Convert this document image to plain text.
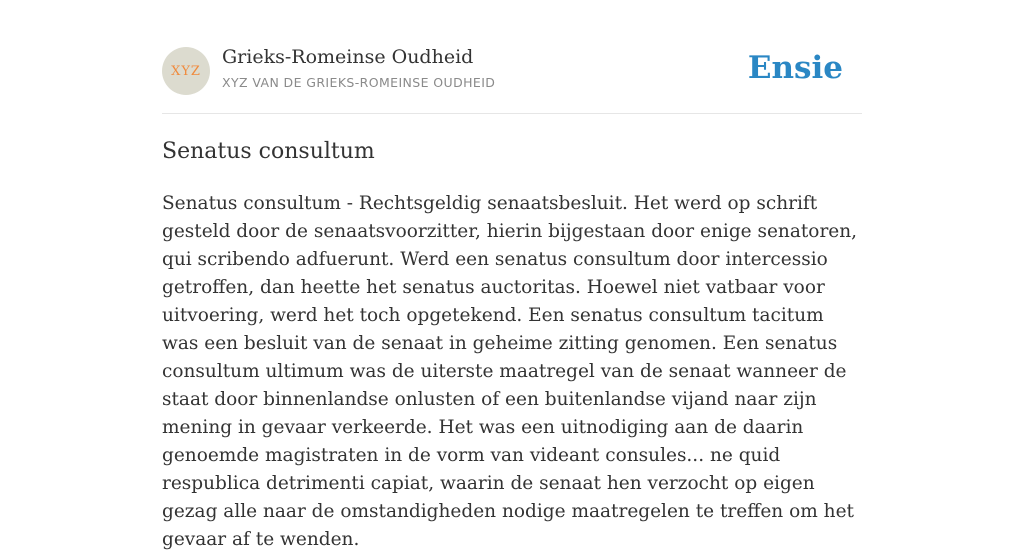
XYZ
Grieks-Romeinse Oudheid
XYZ VAN DE GRIEKS-ROMEINSE OUDHEID	Ensie
Senatus consultum

Senatus consultum - Rechtsgeldig senaatsbesluit. Het werd op schrift gesteld door de senaatsvoorzitter, hierin bijgestaan door enige senatoren, qui scribendo adfuerunt. Werd een senatus consultum door intercessio getroffen, dan heette het senatus auctoritas. Hoewel niet vatbaar voor uitvoering, werd het toch opgetekend. Een senatus consultum tacitum was een besluit van de senaat in geheime zitting genomen. Een senatus consultum ultimum was de uiterste maatregel van de senaat wanneer de staat door binnenlandse onlusten of een buitenlandse vijand naar zijn mening in gevaar verkeerde. Het was een uitnodiging aan de daarin genoemde magistraten in de vorm van videant consules... ne quid respublica detrimenti capiat, waarin de senaat hen verzocht op eigen gezag alle naar de omstandigheden nodige maatregelen te treffen om het gevaar af te wenden.
